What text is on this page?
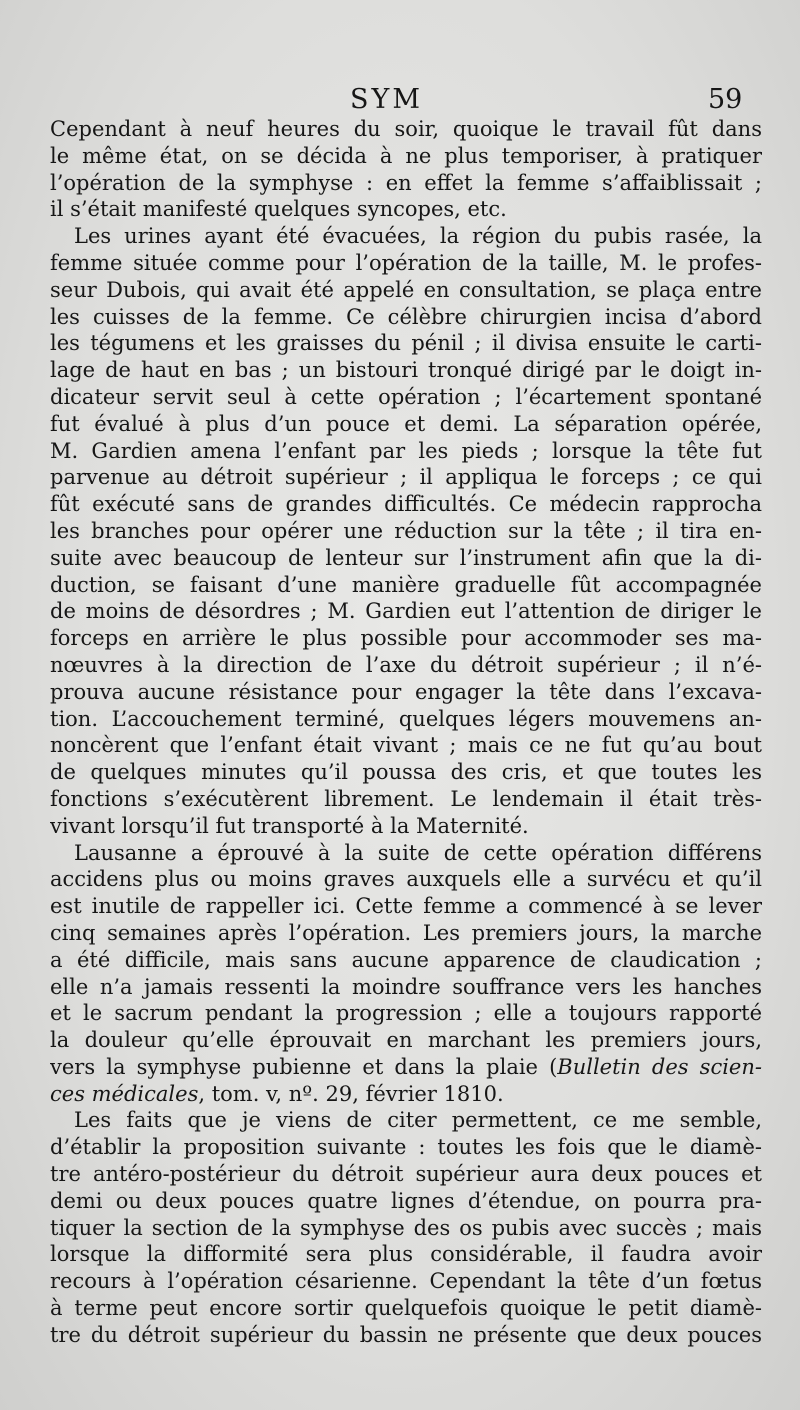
SYM	59
Cependant à neuf heures du soir, quoique le travail fût dans
le même état, on se décida à ne plus temporiser, à pratiquer
l’opération de la symphyse : en effet la femme s’affaiblissait ;
il s’était manifesté quelques syncopes, etc.
Les urines ayant été évacuées, la région du pubis rasée, la
femme située comme pour l’opération de la taille, M. le profes-
seur Dubois, qui avait été appelé en consultation, se plaça entre
les cuisses de la femme. Ce célèbre chirurgien incisa d’abord
les tégumens et les graisses du pénil ; il divisa ensuite le carti-
lage de haut en bas ; un bistouri tronqué dirigé par le doigt in-
dicateur servit seul à cette opération ; l’écartement spontané
fut évalué à plus d’un pouce et demi. La séparation opérée,
M. Gardien amena l’enfant par les pieds ; lorsque la tête fut
parvenue au détroit supérieur ; il appliqua le forceps ; ce qui
fût exécuté sans de grandes difficultés. Ce médecin rapprocha
les branches pour opérer une réduction sur la tête ; il tira en-
suite avec beaucoup de lenteur sur l’instrument afin que la di-
duction, se faisant d’une manière graduelle fût accompagnée
de moins de désordres ; M. Gardien eut l’attention de diriger le
forceps en arrière le plus possible pour accommoder ses ma-
nœuvres à la direction de l’axe du détroit supérieur ; il n’é-
prouva aucune résistance pour engager la tête dans l’excava-
tion. L’accouchement terminé, quelques légers mouvemens an-
noncèrent que l’enfant était vivant ; mais ce ne fut qu’au bout
de quelques minutes qu’il poussa des cris, et que toutes les
fonctions s’exécutèrent librement. Le lendemain il était très-
vivant lorsqu’il fut transporté à la Maternité.
Lausanne a éprouvé à la suite de cette opération différens
accidens plus ou moins graves auxquels elle a survécu et qu’il
est inutile de rappeller ici. Cette femme a commencé à se lever
cinq semaines après l’opération. Les premiers jours, la marche
a été difficile, mais sans aucune apparence de claudication ;
elle n’a jamais ressenti la moindre souffrance vers les hanches
et le sacrum pendant la progression ; elle a toujours rapporté
la douleur qu’elle éprouvait en marchant les premiers jours,
vers la symphyse pubienne et dans la plaie (Bulletin des scien-
ces médicales, tom. v, nº. 29, février 1810.
Les faits que je viens de citer permettent, ce me semble,
d’établir la proposition suivante : toutes les fois que le diamè-
tre antéro-postérieur du détroit supérieur aura deux pouces et
demi ou deux pouces quatre lignes d’étendue, on pourra pra-
tiquer la section de la symphyse des os pubis avec succès ; mais
lorsque la difformité sera plus considérable, il faudra avoir
recours à l’opération césarienne. Cependant la tête d’un fœtus
à terme peut encore sortir quelquefois quoique le petit diamè-
tre du détroit supérieur du bassin ne présente que deux pouces
